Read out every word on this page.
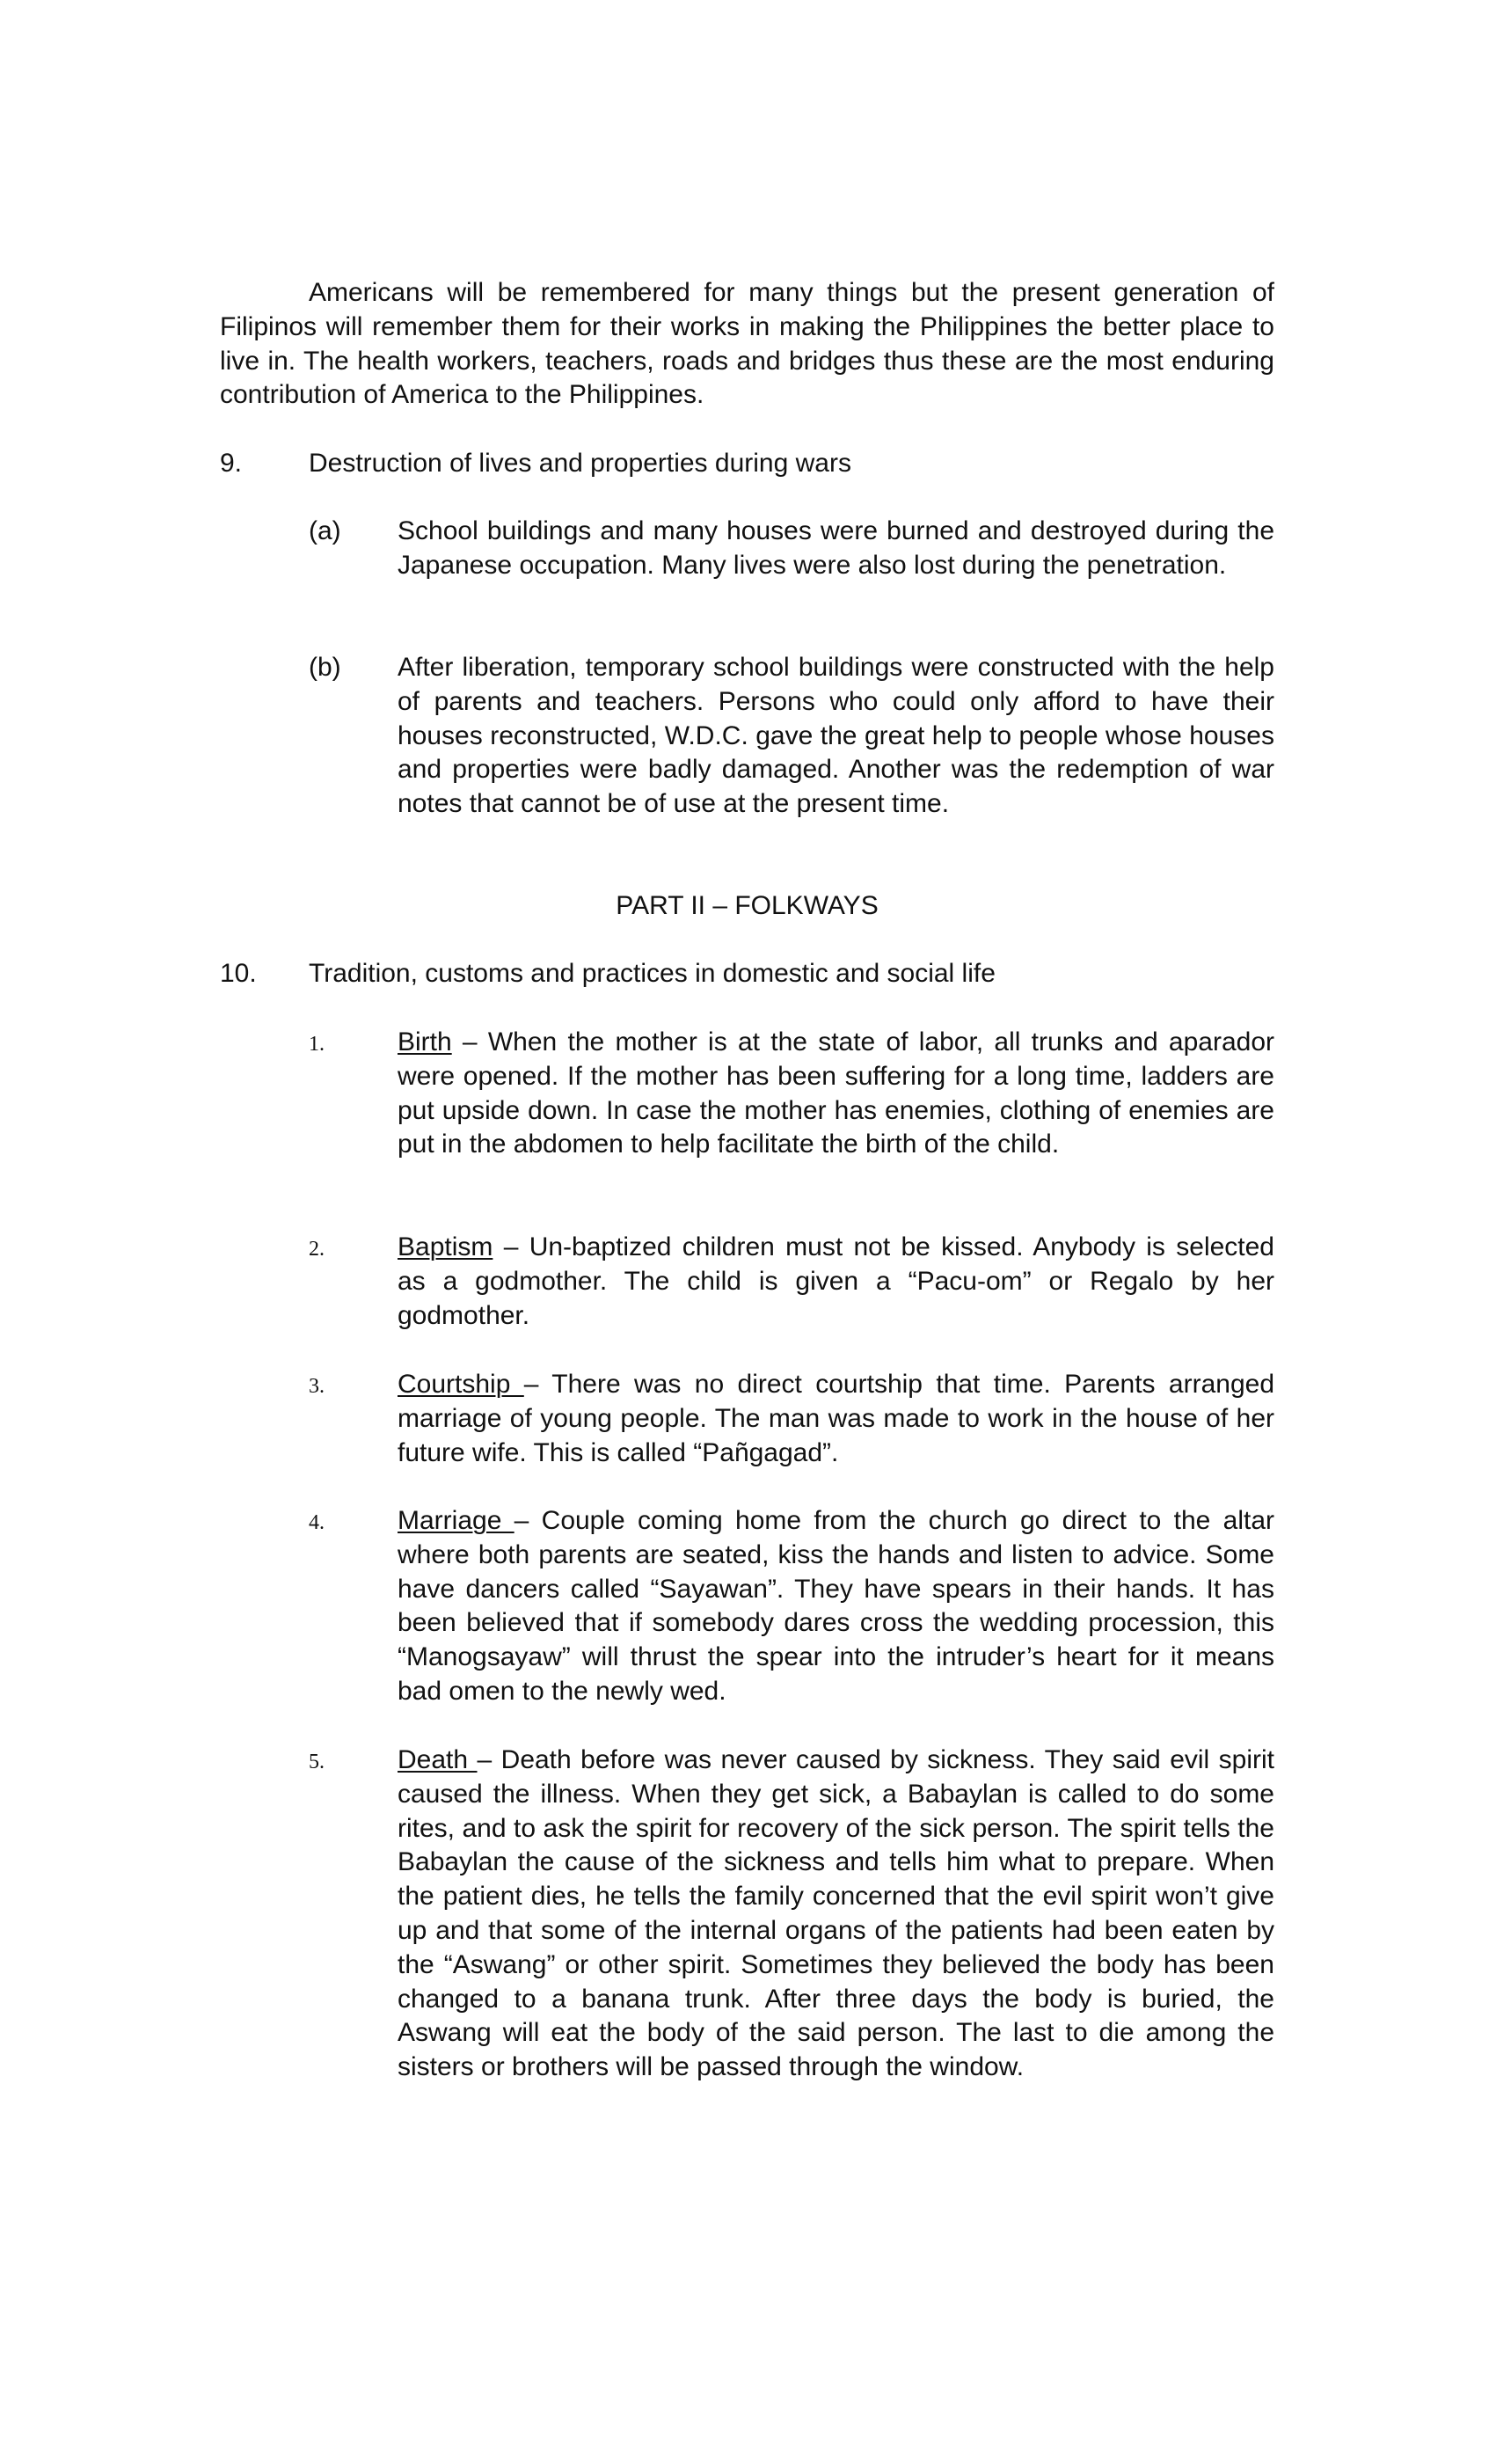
Americans will be remembered for many things but the present generation of Filipinos will remember them for their works in making the Philippines the better place to live in. The health workers, teachers, roads and bridges thus these are the most enduring contribution of America to the Philippines.

9.	Destruction of lives and properties during wars
(a) School buildings and many houses were burned and destroyed during the Japanese occupation. Many lives were also lost during the penetration.
(b) After liberation, temporary school buildings were constructed with the help of parents and teachers. Persons who could only afford to have their houses reconstructed, W.D.C. gave the great help to people whose houses and properties were badly damaged. Another was the redemption of war notes that cannot be of use at the present time.
PART II – FOLKWAYS
10. Tradition, customs and practices in domestic and social life
1.	Birth – When the mother is at the state of labor, all trunks and aparador were opened. If the mother has been suffering for a long time, ladders are put upside down. In case the mother has enemies, clothing of enemies are put in the abdomen to help facilitate the birth of the child.
2.	Baptism – Un-baptized children must not be kissed. Anybody is selected as a godmother. The child is given a “Pacu-om” or Regalo by her godmother.
3.	Courtship – There was no direct courtship that time. Parents arranged marriage of young people. The man was made to work in the house of her future wife. This is called “Pañgagad”.
4.	Marriage – Couple coming home from the church go direct to the altar where both parents are seated, kiss the hands and listen to advice. Some have dancers called “Sayawan”. They have spears in their hands. It has been believed that if somebody dares cross the wedding procession, this “Manogsayaw” will thrust the spear into the intruder’s heart for it means bad omen to the newly wed.
5.	Death – Death before was never caused by sickness. They said evil spirit caused the illness. When they get sick, a Babaylan is called to do some rites, and to ask the spirit for recovery of the sick person. The spirit tells the Babaylan the cause of the sickness and tells him what to prepare. When the patient dies, he tells the family concerned that the evil spirit won’t give up and that some of the internal organs of the patients had been eaten by the “Aswang” or other spirit. Sometimes they believed the body has been changed to a banana trunk. After three days the body is buried, the Aswang will eat the body of the said person. The last to die among the sisters or brothers will be passed through the window.
